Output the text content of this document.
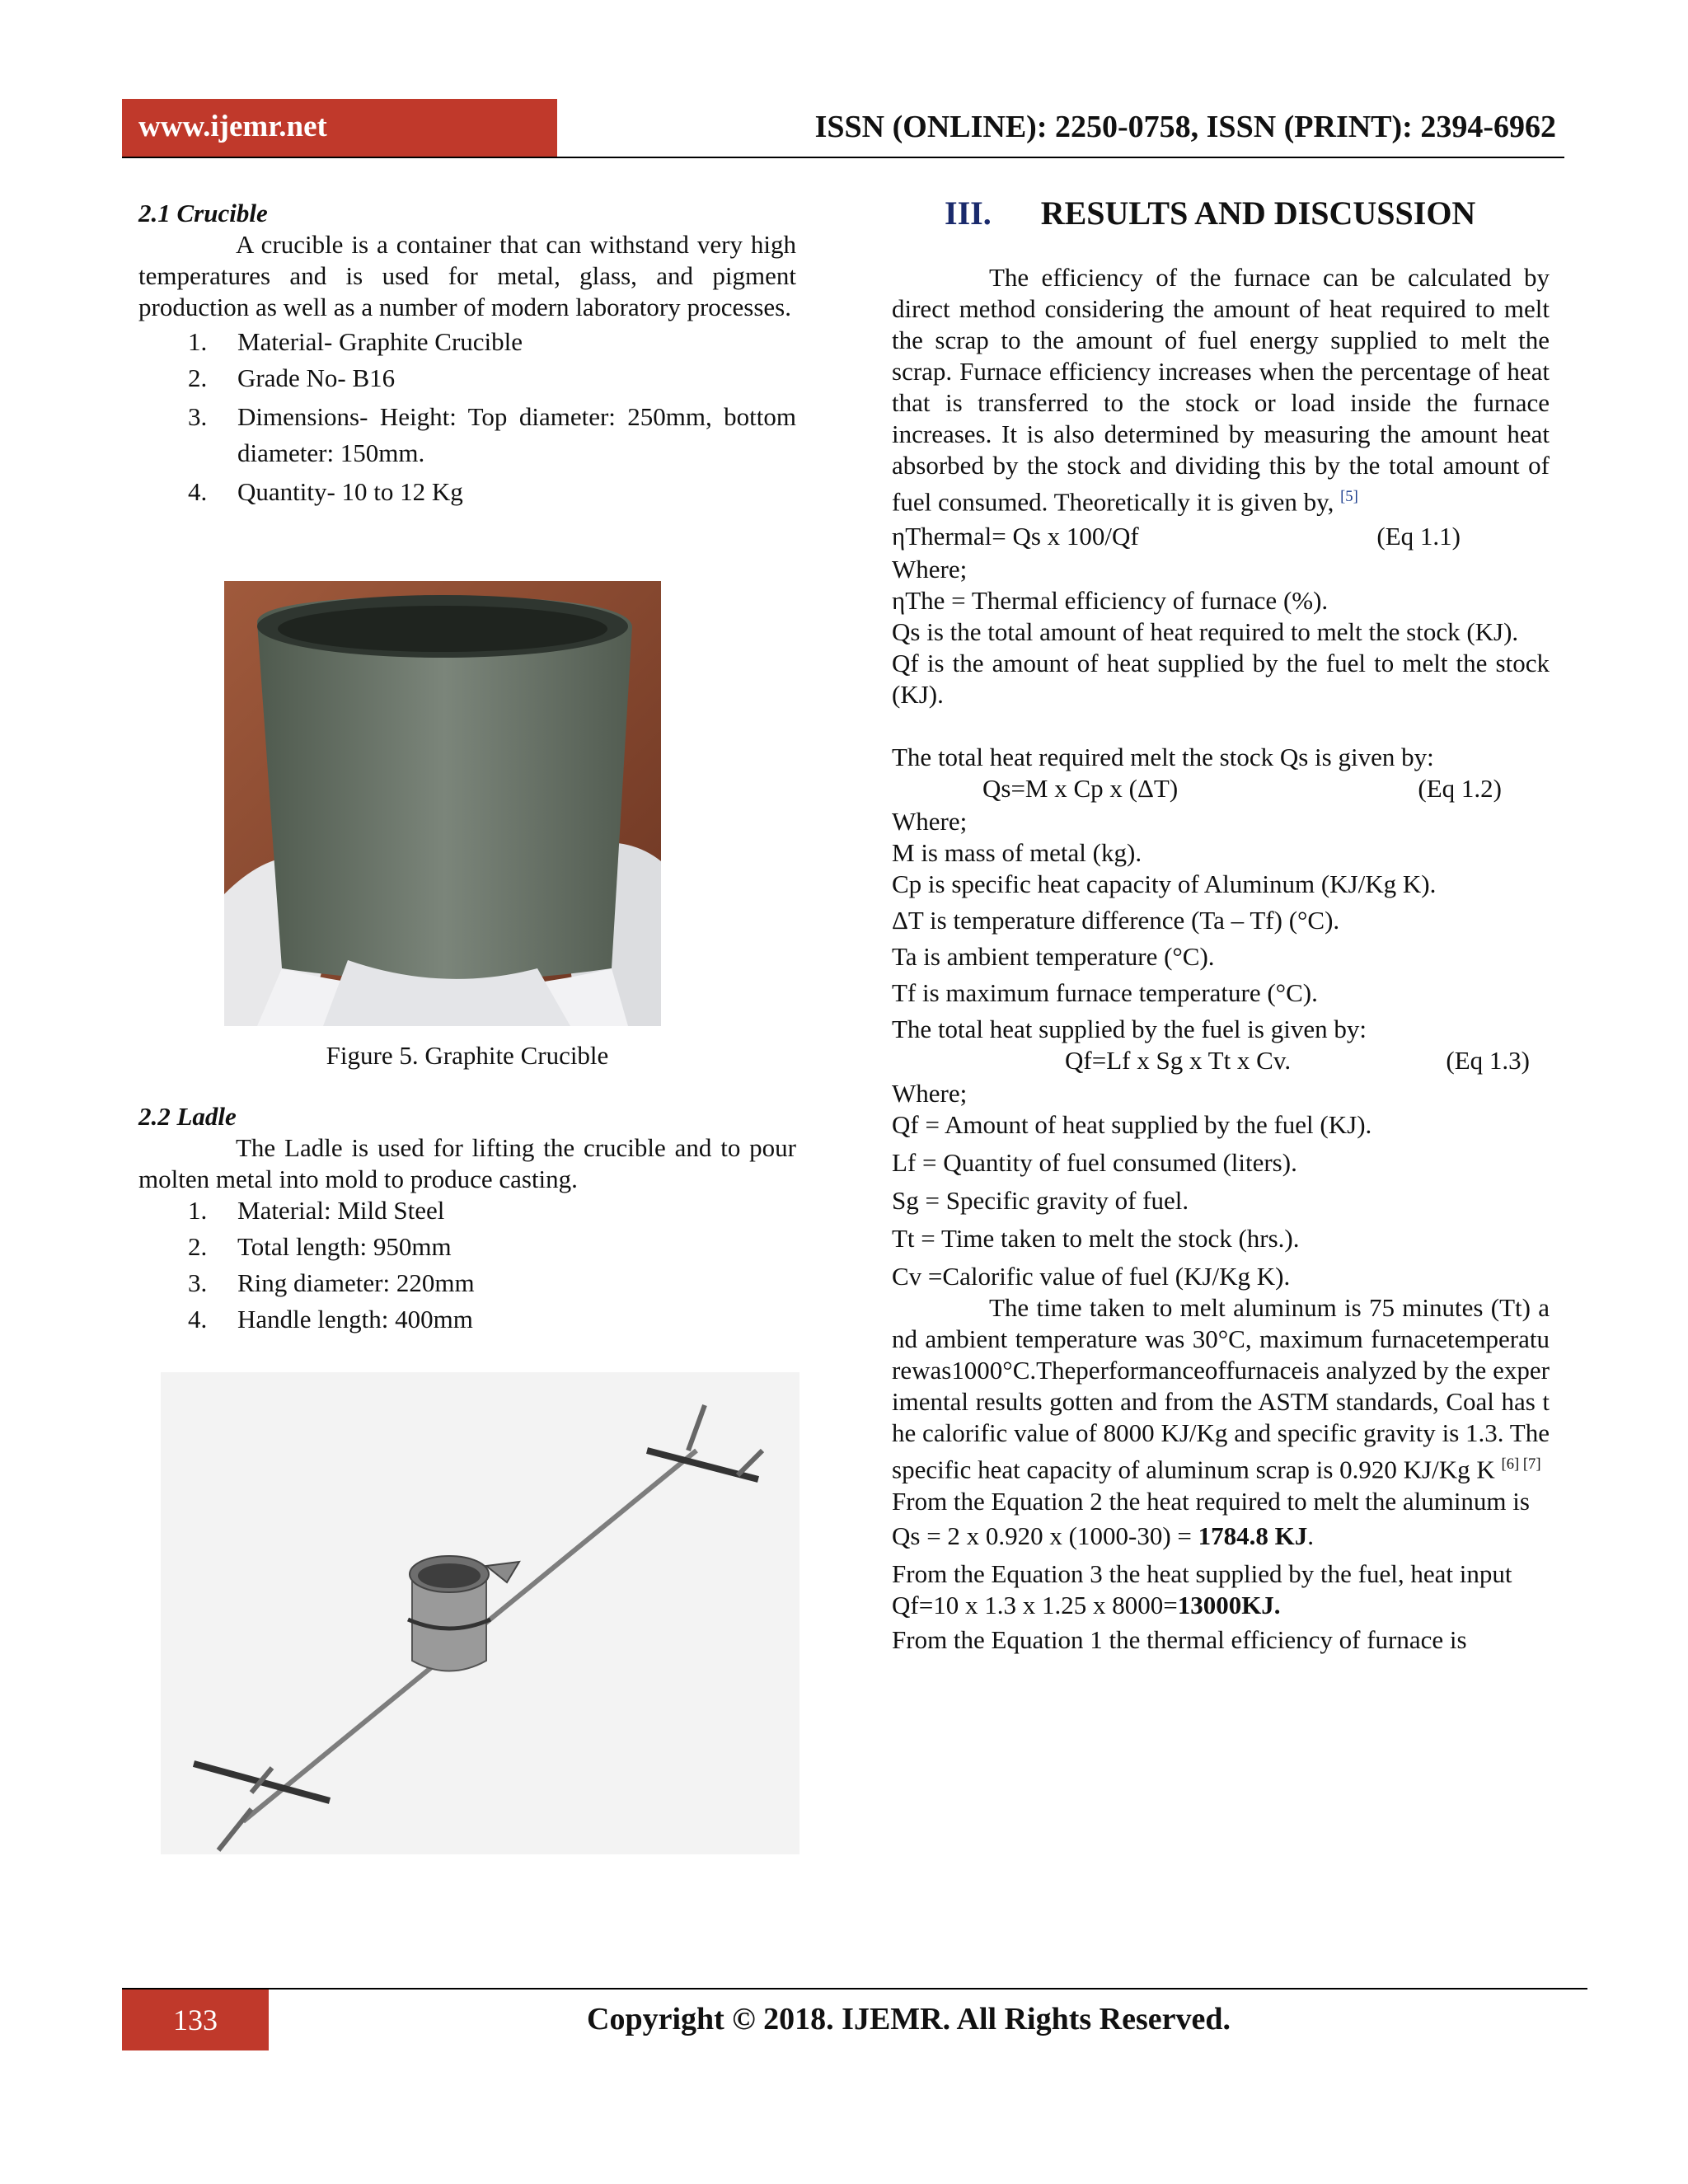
www.ijemr.net	ISSN (ONLINE): 2250-0758, ISSN (PRINT): 2394-6962
2.1 Crucible
A crucible is a container that can withstand very high temperatures and is used for metal, glass, and pigment production as well as a number of modern laboratory processes.
1. Material- Graphite Crucible
2. Grade No- B16
3. Dimensions- Height: Top diameter: 250mm, bottom diameter: 150mm.
4. Quantity- 10 to 12 Kg
Figure 5. Graphite Crucible
2.2 Ladle
The Ladle is used for lifting the crucible and to pour molten metal into mold to produce casting.
1. Material: Mild Steel
2. Total length: 950mm
3. Ring diameter: 220mm
4. Handle length: 400mm
III. RESULTS AND DISCUSSION
The efficiency of the furnace can be calculated by direct method considering the amount of heat required to melt the scrap to the amount of fuel energy supplied to melt the scrap. Furnace efficiency increases when the percentage of heat that is transferred to the stock or load inside the furnace increases. It is also determined by measuring the amount heat absorbed by the stock and dividing this by the total amount of fuel consumed. Theoretically it is given by, [5]
ηThermal= Qs x 100/Qf	(Eq 1.1)
Where;
ηThe = Thermal efficiency of furnace (%).
Qs is the total amount of heat required to melt the stock (KJ).
Qf is the amount of heat supplied by the fuel to melt the stock (KJ).
The total heat required melt the stock Qs is given by:
Qs=M x Cp x (ΔT)	(Eq 1.2)
Where;
M is mass of metal (kg).
Cp is specific heat capacity of Aluminum (KJ/Kg K).
ΔT is temperature difference (Ta – Tf) (°C).
Ta is ambient temperature (°C).
Tf is maximum furnace temperature (°C).
The total heat supplied by the fuel is given by:
Qf=Lf x Sg x Tt x Cv.	(Eq 1.3)
Where;
Qf = Amount of heat supplied by the fuel (KJ).
Lf = Quantity of fuel consumed (liters).
Sg = Specific gravity of fuel.
Tt = Time taken to melt the stock (hrs.).
Cv =Calorific value of fuel (KJ/Kg K).
The time taken to melt aluminum is 75 minutes (Tt) and ambient temperature was 30°C, maximum furnacetemperaturewas1000°C.Theperformanceoffurnaceis analyzed by the experimental results gotten and from the ASTM standards, Coal has the calorific value of 8000 KJ/Kg and specific gravity is 1.3. The specific heat capacity of aluminum scrap is 0.920 KJ/Kg K [6] [7]
From the Equation 2 the heat required to melt the aluminum is
Qs = 2 x 0.920 x (1000-30) = 1784.8 KJ.
From the Equation 3 the heat supplied by the fuel, heat input
Qf=10 x 1.3 x 1.25 x 8000=13000KJ.
From the Equation 1 the thermal efficiency of furnace is
133	Copyright © 2018. IJEMR. All Rights Reserved.
